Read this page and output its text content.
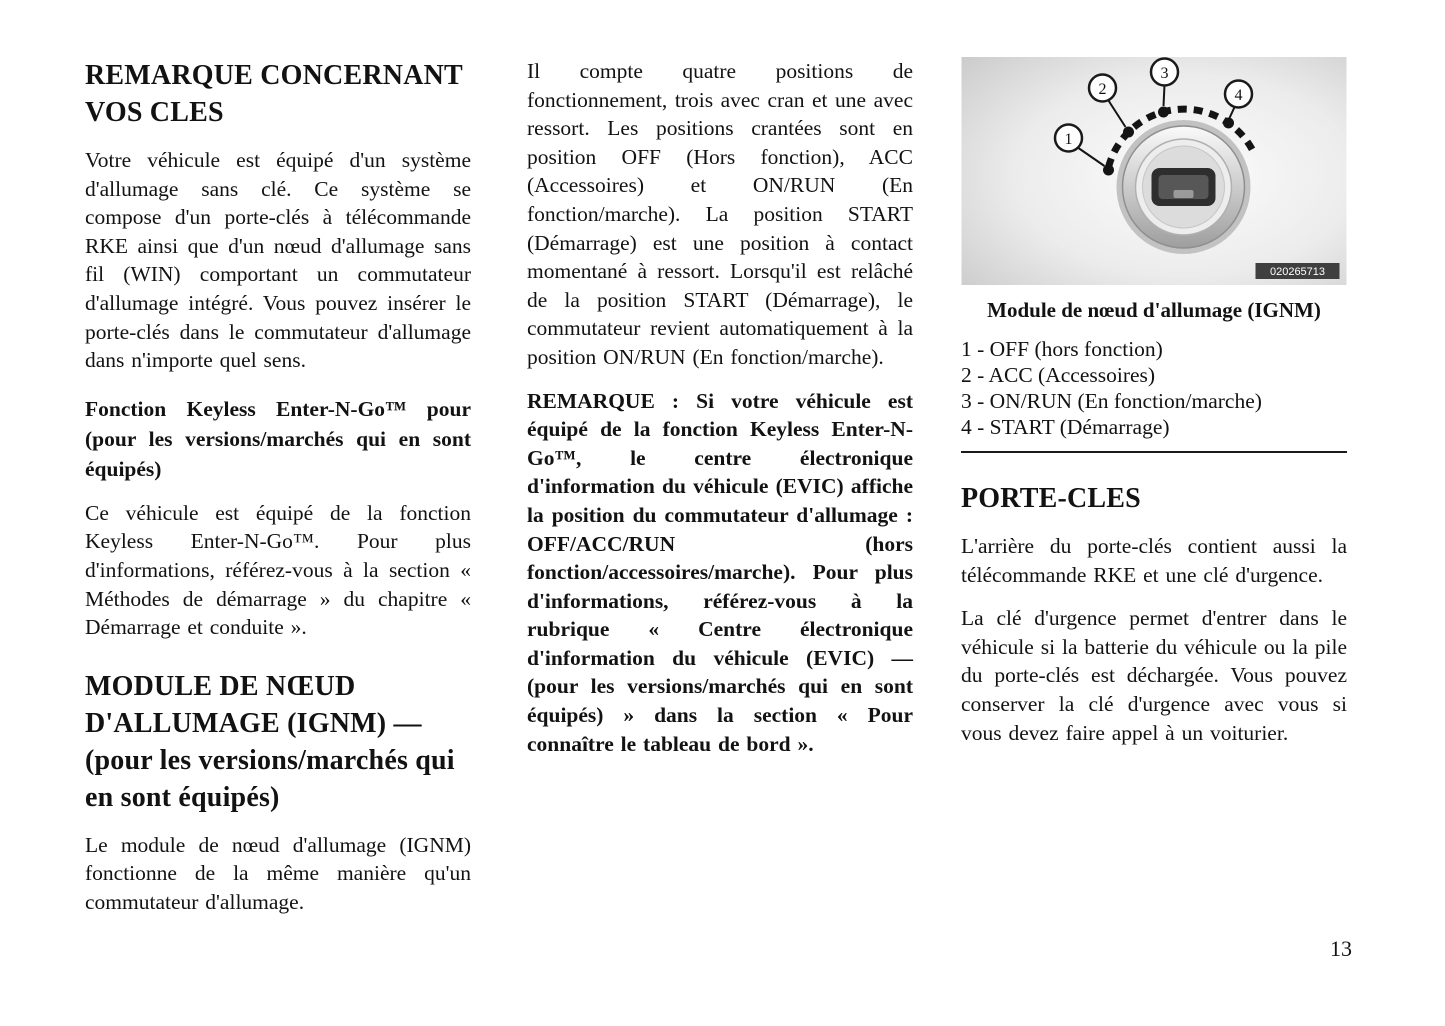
REMARQUE CONCERNANT VOS CLES

Votre véhicule est équipé d'un système d'allumage sans clé. Ce système se compose d'un porte-clés à télécommande RKE ainsi que d'un nœud d'allumage sans fil (WIN) comportant un commutateur d'allumage intégré. Vous pouvez insérer le porte-clés dans le commutateur d'allumage dans n'importe quel sens.

Fonction Keyless Enter-N-Go™ pour (pour les versions/marchés qui en sont équipés)

Ce véhicule est équipé de la fonction Keyless Enter-N-Go™. Pour plus d'informations, référez-vous à la section « Méthodes de démarrage » du chapitre « Démarrage et conduite ».

MODULE DE NŒUD D'ALLUMAGE (IGNM) — (pour les versions/marchés qui en sont équipés)

Le module de nœud d'allumage (IGNM) fonctionne de la même manière qu'un commutateur d'allumage.

Il compte quatre positions de fonctionnement, trois avec cran et une avec ressort. Les positions crantées sont en position OFF (Hors fonction), ACC (Accessoires) et ON/RUN (En fonction/marche). La position START (Démarrage) est une position à contact momentané à ressort. Lorsqu'il est relâché de la position START (Démarrage), le commutateur revient automatiquement à la position ON/RUN (En fonction/marche).

REMARQUE : Si votre véhicule est équipé de la fonction Keyless Enter-N-Go™, le centre électronique d'information du véhicule (EVIC) affiche la position du commutateur d'allumage : OFF/ACC/RUN (hors fonction/accessoires/marche). Pour plus d'informations, référez-vous à la rubrique « Centre électronique d'information du véhicule (EVIC) — (pour les versions/marchés qui en sont équipés) » dans la section « Pour connaître le tableau de bord ».

1
2
3
4
020265713
Module de nœud d'allumage (IGNM)
1 - OFF (hors fonction)
2 - ACC (Accessoires)
3 - ON/RUN (En fonction/marche)
4 - START (Démarrage)
PORTE-CLES

L'arrière du porte-clés contient aussi la télécommande RKE et une clé d'urgence.

La clé d'urgence permet d'entrer dans le véhicule si la batterie du véhicule ou la pile du porte-clés est déchargée. Vous pouvez conserver la clé d'urgence avec vous si vous devez faire appel à un voiturier.

13
